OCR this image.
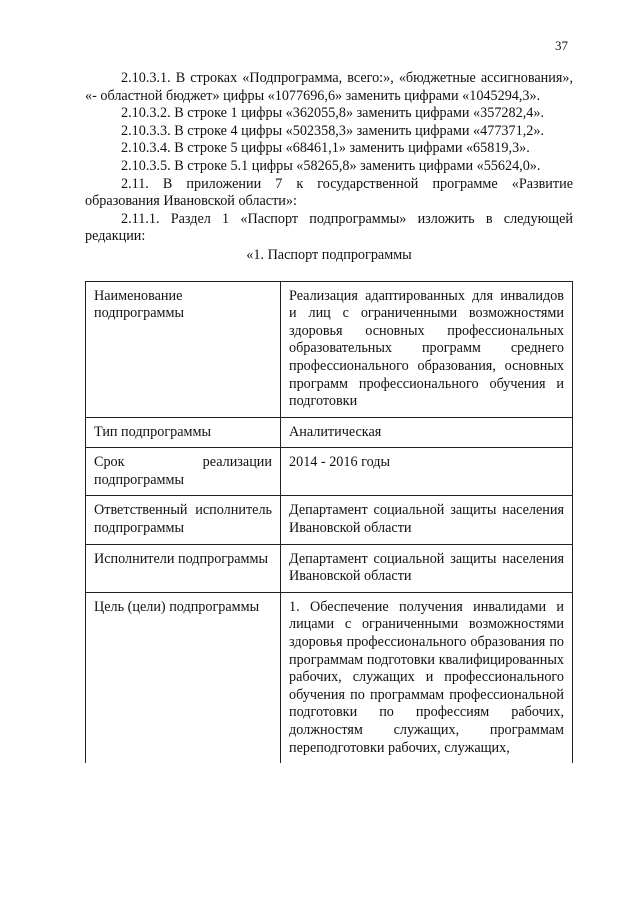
37
2.10.3.1. В строках «Подпрограмма, всего:», «бюджетные ассигнования», «- областной бюджет» цифры «1077696,6» заменить цифрами «1045294,3».
2.10.3.2. В строке 1 цифры «362055,8» заменить цифрами «357282,4».
2.10.3.3. В строке 4 цифры «502358,3» заменить цифрами «477371,2».
2.10.3.4. В строке 5 цифры «68461,1» заменить цифрами «65819,3».
2.10.3.5. В строке 5.1 цифры «58265,8» заменить цифрами «55624,0».
2.11. В приложении 7 к государственной программе «Развитие образования Ивановской области»:
2.11.1. Раздел 1 «Паспорт подпрограммы» изложить в следующей редакции:
«1. Паспорт подпрограммы
Наименование подпрограммы	Реализация адаптированных для инвалидов и лиц с ограниченными возможностями здоровья основных профессиональных образовательных программ среднего профессионального образования, основных программ профессионального обучения и подготовки
Тип подпрограммы	Аналитическая
Срок реализации подпрограммы	2014 - 2016 годы
Ответственный исполнитель подпрограммы	Департамент социальной защиты населения Ивановской области
Исполнители подпрограммы	Департамент социальной защиты населения Ивановской области
Цель (цели) подпрограммы	1. Обеспечение получения инвалидами и лицами с ограниченными возможностями здоровья профессионального образования по программам подготовки квалифицированных рабочих, служащих и профессионального обучения по программам профессиональной подготовки по профессиям рабочих, должностям служащих, программам переподготовки рабочих, служащих,
